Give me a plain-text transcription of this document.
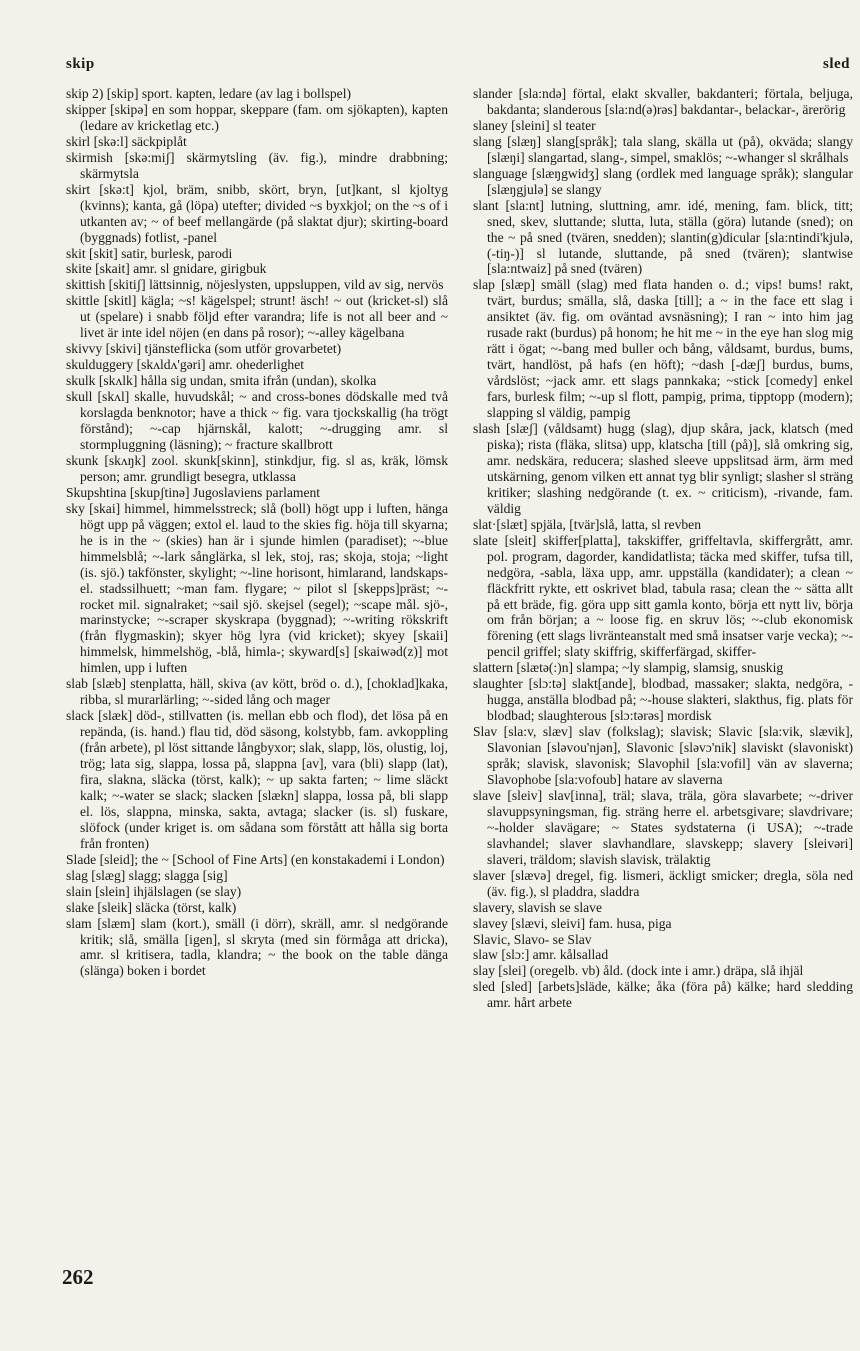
skip	sled

skip 2) [skip] sport. kapten, ledare (av lag i bollspel)

skipper [skipə] en som hoppar, skeppare (fam. om sjökapten), kapten (ledare av kricketlag etc.)

skirl [skə:l] säckpiplåt

skirmish [skə:miʃ] skärmytsling (äv. fig.), mindre drabbning; skärmytsla

skirt [skə:t] kjol, bräm, snibb, skört, bryn, [ut]kant, sl kjoltyg (kvinns); kanta, gå (löpa) utefter; divided ~s byxkjol; on the ~s of i utkanten av; ~ of beef mellangärde (på slaktat djur); skirting-board (byggnads) fotlist, -panel

skit [skit] satir, burlesk, parodi

skite [skait] amr. sl gnidare, girigbuk

skittish [skitiʃ] lättsinnig, nöjeslysten, uppsluppen, vild av sig, nervös

skittle [skitl] kägla; ~s! kägelspel; strunt! äsch! ~ out (kricket-sl) slå ut (spelare) i snabb följd efter varandra; life is not all beer and ~ livet är inte idel nöjen (en dans på rosor); ~-alley kägelbana

skivvy [skivi] tjänsteflicka (som utför grovarbetet)

skulduggery [skʌldʌ'gəri] amr. ohederlighet

skulk [skʌlk] hålla sig undan, smita ifrån (undan), skolka

skull [skʌl] skalle, huvudskål; ~ and cross-bones dödskalle med två korslagda benknotor; have a thick ~ fig. vara tjockskallig (ha trögt förstånd); ~-cap hjärnskål, kalott; ~-drugging amr. sl stormpluggning (läsning); ~ fracture skallbrott

skunk [skʌŋk] zool. skunk[skinn], stinkdjur, fig. sl as, kräk, lömsk person; amr. grundligt besegra, utklassa

Skupshtina [skupʃtinə] Jugoslaviens parlament

sky [skai] himmel, himmelsstreck; slå (boll) högt upp i luften, hänga högt upp på väggen; extol el. laud to the skies fig. höja till skyarna; he is in the ~ (skies) han är i sjunde himlen (paradiset); ~-blue himmelsblå; ~-lark sånglärka, sl lek, stoj, ras; skoja, stoja; ~light (is. sjö.) takfönster, skylight; ~-line horisont, himlarand, landskaps- el. stadssilhuett; ~man fam. flygare; ~ pilot sl [skepps]präst; ~-rocket mil. signalraket; ~sail sjö. skejsel (segel); ~scape mål. sjö-, marinstycke; ~-scraper skyskrapa (byggnad); ~-writing rökskrift (från flygmaskin); skyer hög lyra (vid kricket); skyey [skaii] himmelsk, himmelshög, -blå, himla-; skyward[s] [skaiwəd(z)] mot himlen, upp i luften

slab [slæb] stenplatta, häll, skiva (av kött, bröd o. d.), [choklad]kaka, ribba, sl murarlärling; ~-sided lång och mager

slack [slæk] död-, stillvatten (is. mellan ebb och flod), det lösa på en repända, (is. hand.) flau tid, död säsong, kolstybb, fam. avkoppling (från arbete), pl löst sittande långbyxor; slak, slapp, lös, olustig, loj, trög; lata sig, slappa, lossa på, slappna [av], vara (bli) slapp (lat), fira, slakna, släcka (törst, kalk); ~ up sakta farten; ~ lime släckt kalk; ~-water se slack; slacken [slækn] slappa, lossa på, bli slapp el. lös, slappna, minska, sakta, avtaga; slacker (is. sl) fuskare, slöfock (under kriget is. om sådana som förstått att hålla sig borta från fronten)

Slade [sleid]; the ~ [School of Fine Arts] (en konstakademi i London)

slag [slæg] slagg; slagga [sig]

slain [slein] ihjälslagen (se slay)

slake [sleik] släcka (törst, kalk)

slam [slæm] slam (kort.), smäll (i dörr), skräll, amr. sl nedgörande kritik; slå, smälla [igen], sl skryta (med sin förmåga att dricka), amr. sl kritisera, tadla, klandra; ~ the book on the table dänga (slänga) boken i bordet

slander [sla:ndə] förtal, elakt skvaller, bakdanteri; förtala, beljuga, bakdanta; slanderous [sla:nd(ə)rəs] bakdantar-, belackar-, ärerörig

slaney [sleini] sl teater

slang [slæŋ] slang[språk]; tala slang, skälla ut (på), okväda; slangy [slæŋi] slangartad, slang-, simpel, smaklös; ~-whanger sl skrålhals

slanguage [slæŋgwidʒ] slang (ordlek med language språk); slangular [slæŋgjulə] se slangy

slant [sla:nt] lutning, sluttning, amr. idé, mening, fam. blick, titt; sned, skev, sluttande; slutta, luta, ställa (göra) lutande (sned); on the ~ på sned (tvären, snedden); slantin(g)dicular [sla:ntindi'kjulə, (-tiŋ-)] sl lutande, sluttande, på sned (tvären); slantwise [sla:ntwaiz] på sned (tvären)

slap [slæp] smäll (slag) med flata handen o. d.; vips! bums! rakt, tvärt, burdus; smälla, slå, daska [till]; a ~ in the face ett slag i ansiktet (äv. fig. om oväntad avsnäsning); I ran ~ into him jag rusade rakt (burdus) på honom; he hit me ~ in the eye han slog mig rätt i ögat; ~-bang med buller och bång, våldsamt, burdus, bums, tvärt, handlöst, på hafs (en höft); ~dash [-dæʃ] burdus, bums, vårdslöst; ~jack amr. ett slags pannkaka; ~stick [comedy] enkel fars, burlesk film; ~-up sl flott, pampig, prima, tipptopp (modern); slapping sl väldig, pampig

slash [slæʃ] (våldsamt) hugg (slag), djup skåra, jack, klatsch (med piska); rista (fläka, slitsa) upp, klatscha [till (på)], slå omkring sig, amr. nedskära, reducera; slashed sleeve uppslitsad ärm, ärm med utskärning, genom vilken ett annat tyg blir synligt; slasher sl sträng kritiker; slashing nedgörande (t. ex. ~ criticism), -rivande, fam. väldig

slat·[slæt] spjäla, [tvär]slå, latta, sl revben

slate [sleit] skiffer[platta], takskiffer, griffeltavla, skiffergrått, amr. pol. program, dagorder, kandidatlista; täcka med skiffer, tufsa till, nedgöra, -sabla, läxa upp, amr. uppställa (kandidater); a clean ~ fläckfritt rykte, ett oskrivet blad, tabula rasa; clean the ~ sätta allt på ett bräde, fig. göra upp sitt gamla konto, börja ett nytt liv, börja om från början; a ~ loose fig. en skruv lös; ~-club ekonomisk förening (ett slags livränteanstalt med små insatser varje vecka); ~-pencil griffel; slaty skiffrig, skifferfärgad, skiffer-

slattern [slætə(:)n] slampa; ~ly slampig, slamsig, snuskig

slaughter [slɔ:tə] slakt[ande], blodbad, massaker; slakta, nedgöra, -hugga, anställa blodbad på; ~-house slakteri, slakthus, fig. plats för blodbad; slaughterous [slɔ:tərəs] mordisk

Slav [sla:v, slæv] slav (folkslag); slavisk; Slavic [sla:vik, slævik], Slavonian [sləvou'njən], Slavonic [sləvɔ'nik] slaviskt (slavoniskt) språk; slavisk, slavonisk; Slavophil [sla:vofil] vän av slaverna; Slavophobe [sla:vofoub] hatare av slaverna

slave [sleiv] slav[inna], träl; slava, träla, göra slavarbete; ~-driver slavuppsyningsman, fig. sträng herre el. arbetsgivare; slavdrivare; ~-holder slavägare; ~ States sydstaterna (i USA); ~-trade slavhandel; slaver slavhandlare, slavskepp; slavery [sleivəri] slaveri, träldom; slavish slavisk, trälaktig

slaver [slævə] dregel, fig. lismeri, äckligt smicker; dregla, söla ned (äv. fig.), sl pladdra, sladdra

slavery, slavish se slave

slavey [slævi, sleivi] fam. husa, piga

Slavic, Slavo- se Slav

slaw [slɔ:] amr. kålsallad

slay [slei] (oregelb. vb) åld. (dock inte i amr.) dräpa, slå ihjäl

sled [sled] [arbets]släde, kälke; åka (föra på) kälke; hard sledding amr. hårt arbete

262
